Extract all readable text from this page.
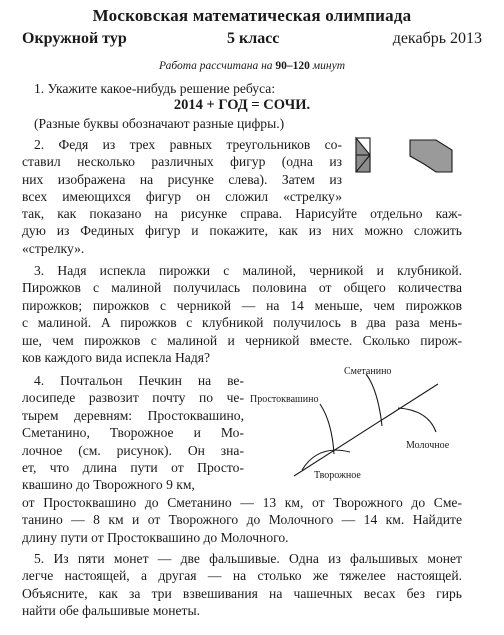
Московская математическая олимпиада
Окружной тур	5 класс	декабрь 2013
Работа рассчитана на 90–120 минут
1. Укажите какое-нибудь решение ребуса:
2014 + ГОД = СОЧИ.
(Разные буквы обозначают разные цифры.)
2. Федя из трех равных треугольников со-
ставил несколько различных фигур (одна из
них изображена на рисунке слева). Затем из
всех имеющихся фигур он сложил «стрелку»
так, как показано на рисунке справа. Нарисуйте отдельно каж-
дую из Фединых фигур и покажите, как из них можно сложить
«стрелку».
3. Надя испекла пирожки с малиной, черникой и клубникой.
Пирожков с малиной получилась половина от общего количества
пирожков; пирожков с черникой — на 14 меньше, чем пирожков
с малиной. А пирожков с клубникой получилось в два раза мень-
ше, чем пирожков с малиной и черникой вместе. Сколько пирож-
ков каждого вида испекла Надя?
4. Почтальон Печкин на ве-
лосипеде развозит почту по че-
тырем деревням: Простоквашино,
Сметанино, Творожное и Мо-
лочное (см. рисунок). Он зна-
ет, что длина пути от Просто-
квашино до Творожного 9 км,
Сметанино
Простоквашино
Молочное
Творожное
от Простоквашино до Сметанино — 13 км, от Творожного до Сме-
танино — 8 км и от Творожного до Молочного — 14 км. Найдите
длину пути от Простоквашино до Молочного.
5. Из пяти монет — две фальшивые. Одна из фальшивых монет
легче настоящей, а другая — на столько же тяжелее настоящей.
Объясните, как за три взвешивания на чашечных весах без гирь
найти обе фальшивые монеты.
